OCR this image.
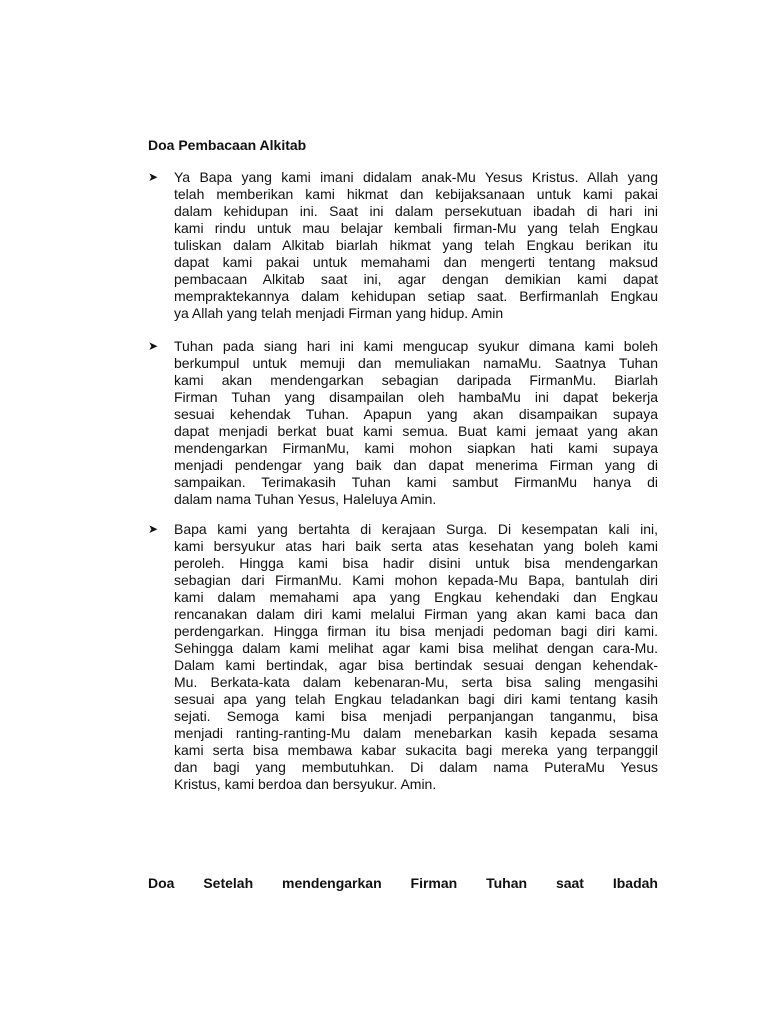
Doa Pembacaan Alkitab
➤ Ya Bapa yang kami imani didalam anak-Mu Yesus Kristus. Allah yang
telah memberikan kami hikmat dan kebijaksanaan untuk kami pakai
dalam kehidupan ini. Saat ini dalam persekutuan ibadah di hari ini
kami rindu untuk mau belajar kembali firman-Mu yang telah Engkau
tuliskan dalam Alkitab biarlah hikmat yang telah Engkau berikan itu
dapat kami pakai untuk memahami dan mengerti tentang maksud
pembacaan Alkitab saat ini, agar dengan demikian kami dapat
mempraktekannya dalam kehidupan setiap saat. Berfirmanlah Engkau
ya Allah yang telah menjadi Firman yang hidup. Amin
➤ Tuhan pada siang hari ini kami mengucap syukur dimana kami boleh
berkumpul untuk memuji dan memuliakan namaMu. Saatnya Tuhan
kami akan mendengarkan sebagian daripada FirmanMu. Biarlah
Firman Tuhan yang disampailan oleh hambaMu ini dapat bekerja
sesuai kehendak Tuhan. Apapun yang akan disampaikan supaya
dapat menjadi berkat buat kami semua. Buat kami jemaat yang akan
mendengarkan FirmanMu, kami mohon siapkan hati kami supaya
menjadi pendengar yang baik dan dapat menerima Firman yang di
sampaikan. Terimakasih Tuhan kami sambut FirmanMu hanya di
dalam nama Tuhan Yesus, Haleluya Amin.
➤ Bapa kami yang bertahta di kerajaan Surga. Di kesempatan kali ini,
kami bersyukur atas hari baik serta atas kesehatan yang boleh kami
peroleh. Hingga kami bisa hadir disini untuk bisa mendengarkan
sebagian dari FirmanMu. Kami mohon kepada-Mu Bapa, bantulah diri
kami dalam memahami apa yang Engkau kehendaki dan Engkau
rencanakan dalam diri kami melalui Firman yang akan kami baca dan
perdengarkan. Hingga firman itu bisa menjadi pedoman bagi diri kami.
Sehingga dalam kami melihat agar kami bisa melihat dengan cara-Mu.
Dalam kami bertindak, agar bisa bertindak sesuai dengan kehendak-
Mu. Berkata-kata dalam kebenaran-Mu, serta bisa saling mengasihi
sesuai apa yang telah Engkau teladankan bagi diri kami tentang kasih
sejati. Semoga kami bisa menjadi perpanjangan tanganmu, bisa
menjadi ranting-ranting-Mu dalam menebarkan kasih kepada sesama
kami serta bisa membawa kabar sukacita bagi mereka yang terpanggil
dan bagi yang membutuhkan. Di dalam nama PuteraMu Yesus
Kristus, kami berdoa dan bersyukur. Amin.
Doa Setelah mendengarkan Firman Tuhan saat Ibadah
